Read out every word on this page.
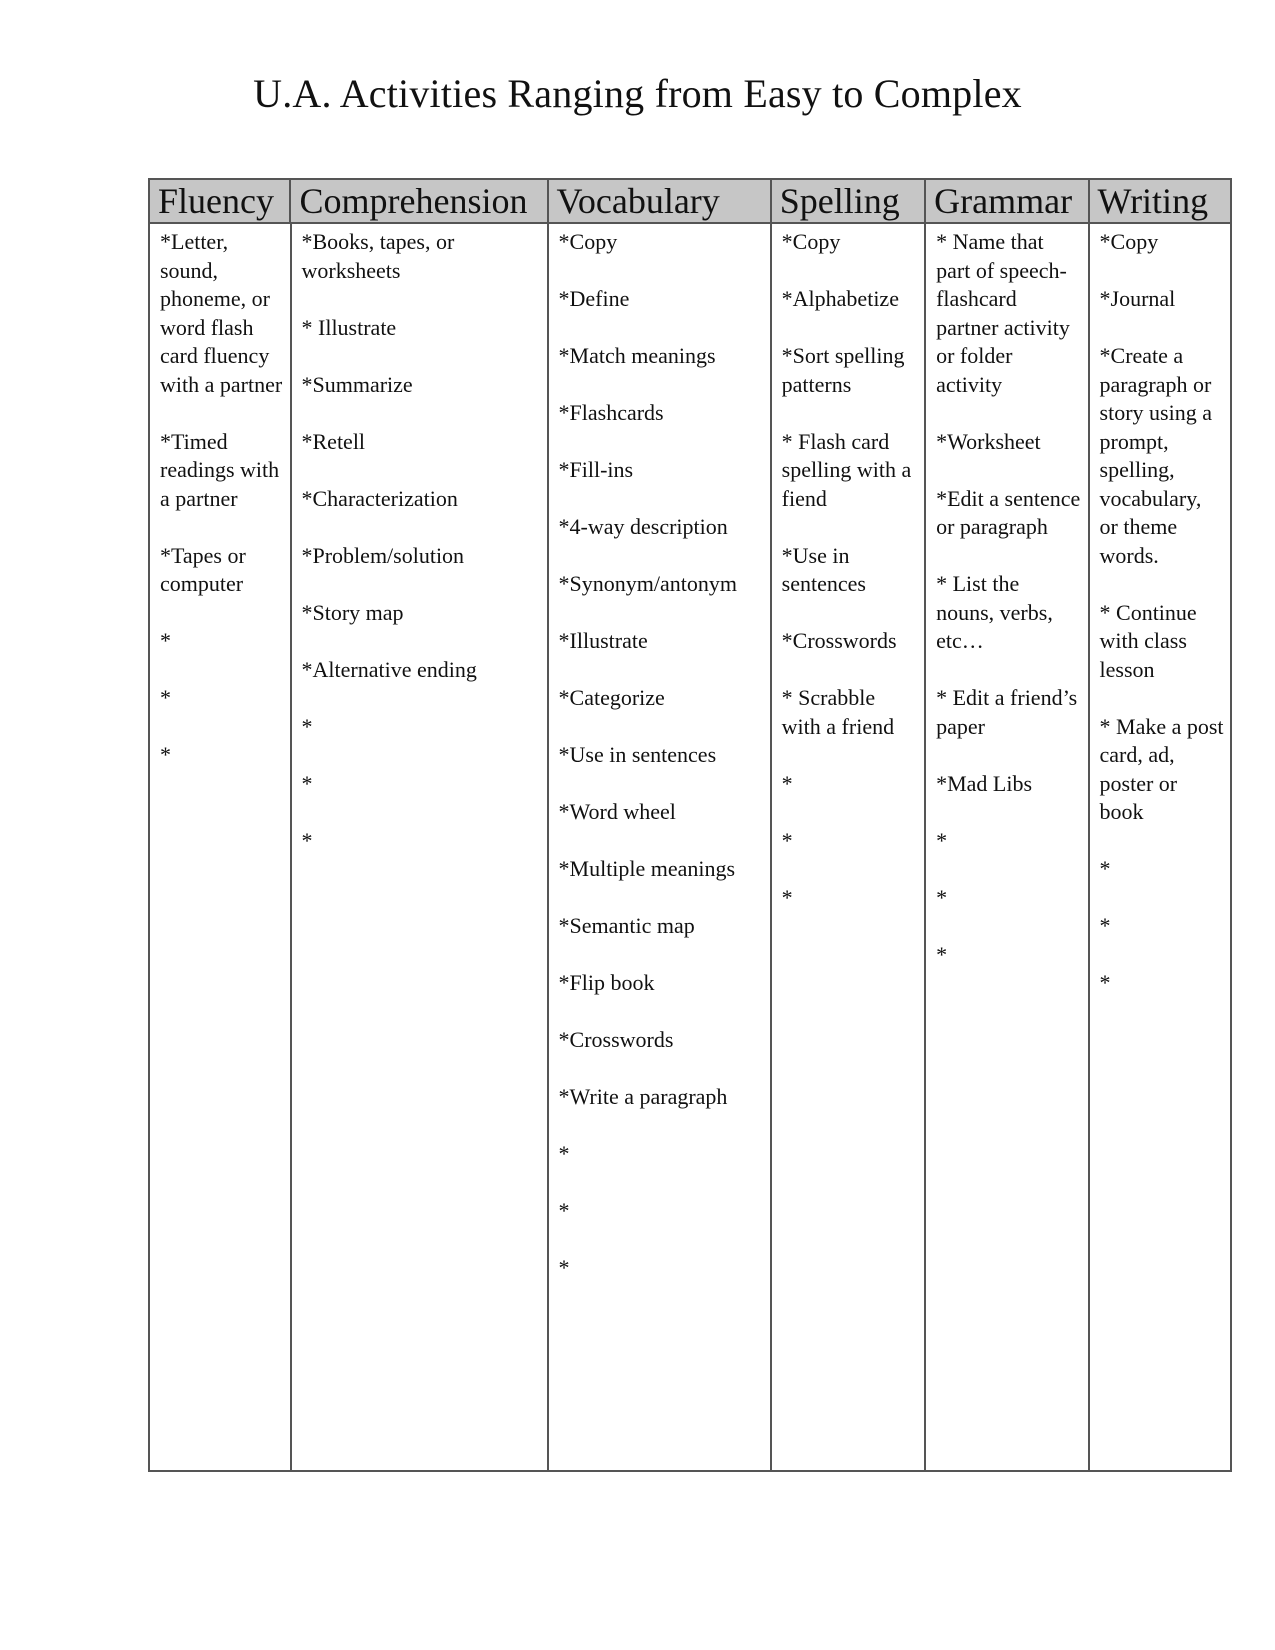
U.A. Activities Ranging from Easy to Complex
Fluency Comprehension Vocabulary	Spelling Grammar Writing
*Letter, sound, phoneme, or word flash card fluency with a partner
*Timed readings with a partner
*Tapes or computer
*
*
*
*Books, tapes, or worksheets
* Illustrate
*Summarize
*Retell
*Characterization
*Problem/solution
*Story map
*Alternative ending
*
*
*
*Copy
*Define
*Match meanings
*Flashcards
*Fill-ins
*4-way description
*Synonym/antonym
*Illustrate
*Categorize
*Use in sentences
*Word wheel
*Multiple meanings
*Semantic map
*Flip book
*Crosswords
*Write a paragraph
*
*
*
*Copy
*Alphabetize
*Sort spelling patterns
* Flash card spelling with a fiend
*Use in sentences
*Crosswords
* Scrabble with a friend
*
*
*
* Name that part of speech- flashcard partner activity or folder activity
*Worksheet
*Edit a sentence or paragraph
* List the nouns, verbs, etc…
* Edit a friend’s paper
*Mad Libs
*
*
*
*Copy
*Journal
*Create a paragraph or story using a prompt, spelling, vocabulary, or theme words.
* Continue with class lesson
* Make a post card, ad, poster or book
*
*
*
